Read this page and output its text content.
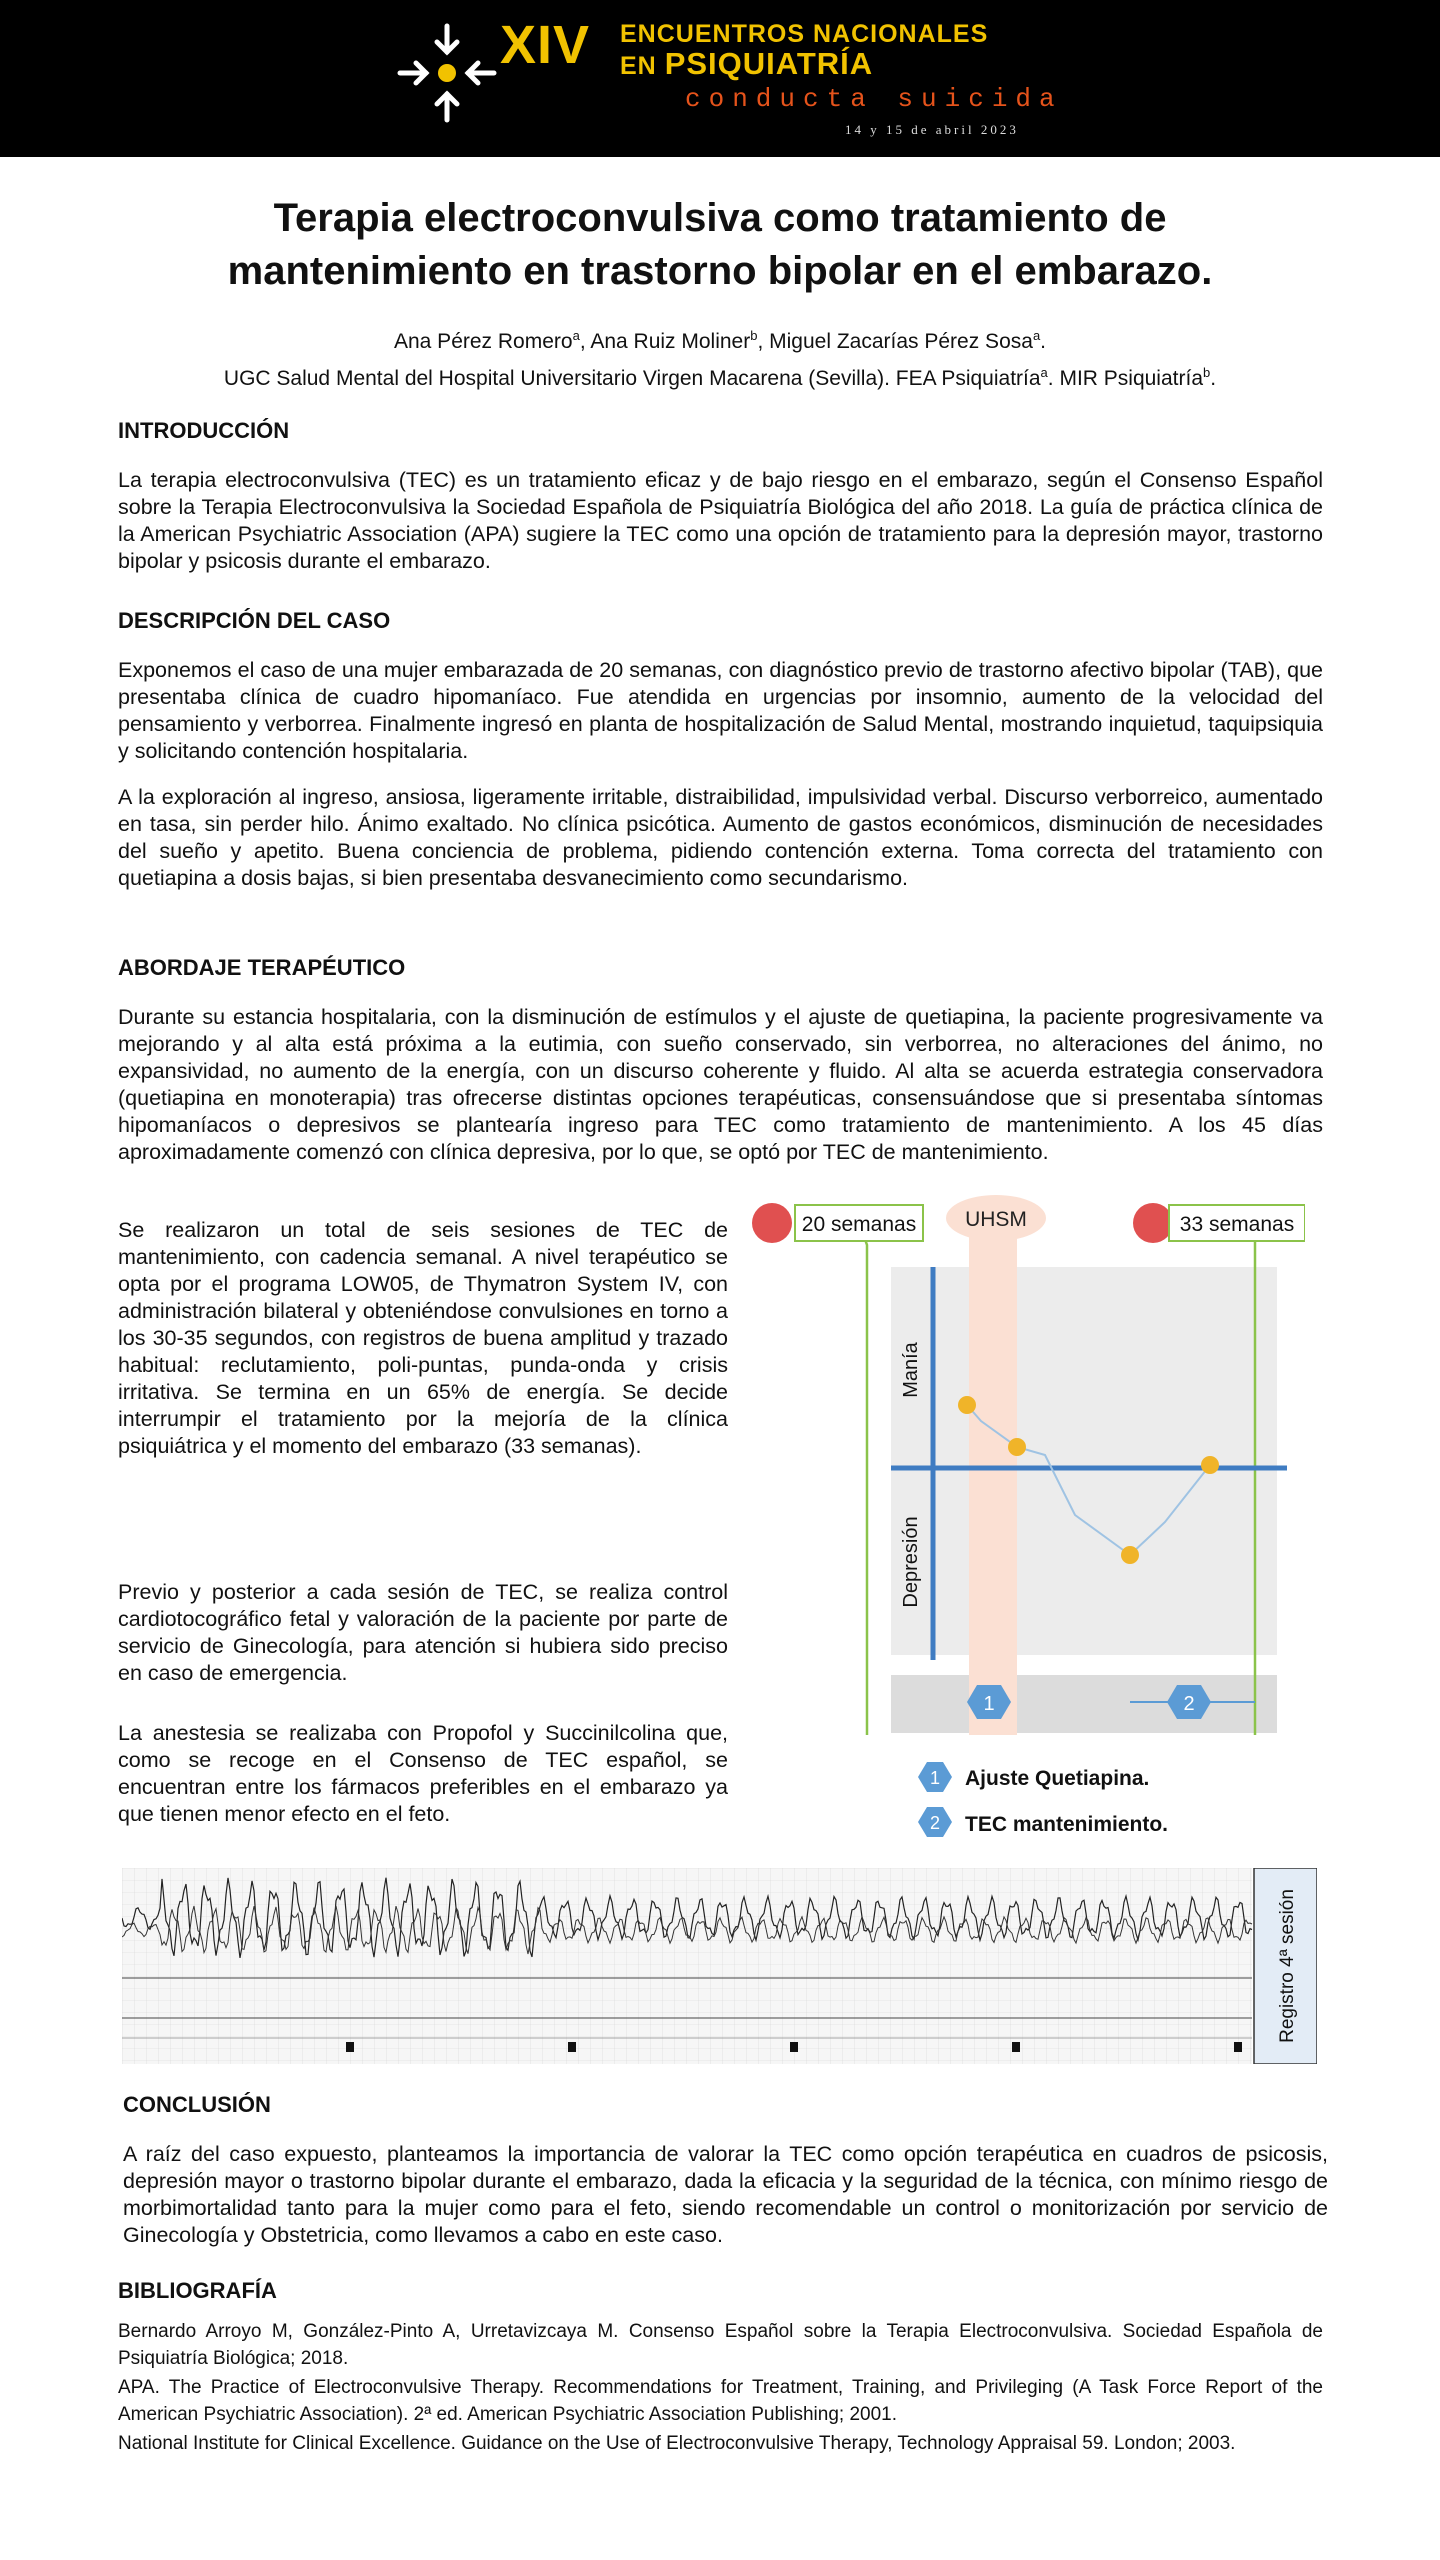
XIV ENCUENTROS NACIONALES
EN PSIQUIATRÍA
conducta suicida
14 y 15 de abril 2023
Terapia electroconvulsiva como tratamiento de
mantenimiento en trastorno bipolar en el embarazo.
Ana Pérez Romero$^a$, Ana Ruiz Moliner$^b$, Miguel Zacarías Pérez Sosa$^a$.
UGC Salud Mental del Hospital Universitario Virgen Macarena (Sevilla). FEA Psiquiatría$^a$. MIR Psiquiatría$^b$.
INTRODUCCIÓN

La terapia electroconvulsiva (TEC) es un tratamiento eficaz y de bajo riesgo en el embarazo, según el Consenso Español sobre la Terapia Electroconvulsiva la Sociedad Española de Psiquiatría Biológica del año 2018. La guía de práctica clínica de la American Psychiatric Association (APA) sugiere la TEC como una opción de tratamiento para la depresión mayor, trastorno bipolar y psicosis durante el embarazo.

DESCRIPCIÓN DEL CASO

Exponemos el caso de una mujer embarazada de 20 semanas, con diagnóstico previo de trastorno afectivo bipolar (TAB), que presentaba clínica de cuadro hipomaníaco. Fue atendida en urgencias por insomnio, aumento de la velocidad del pensamiento y verborrea. Finalmente ingresó en planta de hospitalización de Salud Mental, mostrando inquietud, taquipsiquia y solicitando contención hospitalaria.

A la exploración al ingreso, ansiosa, ligeramente irritable, distraibilidad, impulsividad verbal. Discurso verborreico, aumentado en tasa, sin perder hilo. Ánimo exaltado. No clínica psicótica. Aumento de gastos económicos, disminución de necesidades del sueño y apetito. Buena conciencia de problema, pidiendo contención externa. Toma correcta del tratamiento con quetiapina a dosis bajas, si bien presentaba desvanecimiento como secundarismo.

ABORDAJE TERAPÉUTICO

Durante su estancia hospitalaria, con la disminución de estímulos y el ajuste de quetiapina, la paciente progresivamente va mejorando y al alta está próxima a la eutimia, con sueño conservado, sin verborrea, no alteraciones del ánimo, no expansividad, no aumento de la energía, con un discurso coherente y fluido. Al alta se acuerda estrategia conservadora (quetiapina en monoterapia) tras ofrecerse distintas opciones terapéuticas, consensuándose que si presentaba síntomas hipomaníacos o depresivos se plantearía ingreso para TEC como tratamiento de mantenimiento. A los 45 días aproximadamente comenzó con clínica depresiva, por lo que, se optó por TEC de mantenimiento.

Se realizaron un total de seis sesiones de TEC de mantenimiento, con cadencia semanal. A nivel terapéutico se opta por el programa LOW05, de Thymatron System IV, con administración bilateral y obteniéndose convulsiones en torno a los 30-35 segundos, con registros de buena amplitud y trazado habitual: reclutamiento, poli-puntas, punda-onda y crisis irritativa. Se termina en un 65% de energía. Se decide interrumpir el tratamiento por la mejoría de la clínica psiquiátrica y el momento del embarazo (33 semanas).

Previo y posterior a cada sesión de TEC, se realiza control cardiotocográfico fetal y valoración de la paciente por parte de servicio de Ginecología, para atención si hubiera sido preciso en caso de emergencia.

La anestesia se realizaba con Propofol y Succinilcolina que, como se recoge en el Consenso de TEC español, se encuentran entre los fármacos preferibles en el embarazo ya que tienen menor efecto en el feto.

UHSM
20 semanas	33 semanas
Manía
Depresión
1	2
1 Ajuste Quetiapina.
2 TEC mantenimiento.
Registro 4ª sesión
CONCLUSIÓN

A raíz del caso expuesto, planteamos la importancia de valorar la TEC como opción terapéutica en cuadros de psicosis, depresión mayor o trastorno bipolar durante el embarazo, dada la eficacia y la seguridad de la técnica, con mínimo riesgo de morbimortalidad tanto para la mujer como para el feto, siendo recomendable un control o monitorización por servicio de Ginecología y Obstetricia, como llevamos a cabo en este caso.

BIBLIOGRAFÍA

Bernardo Arroyo M, González-Pinto A, Urretavizcaya M. Consenso Español sobre la Terapia Electroconvulsiva. Sociedad Española de Psiquiatría Biológica; 2018.

APA. The Practice of Electroconvulsive Therapy. Recommendations for Treatment, Training, and Privileging (A Task Force Report of the American Psychiatric Association). 2ª ed. American Psychiatric Association Publishing; 2001.

National Institute for Clinical Excellence. Guidance on the Use of Electroconvulsive Therapy, Technology Appraisal 59. London; 2003.
